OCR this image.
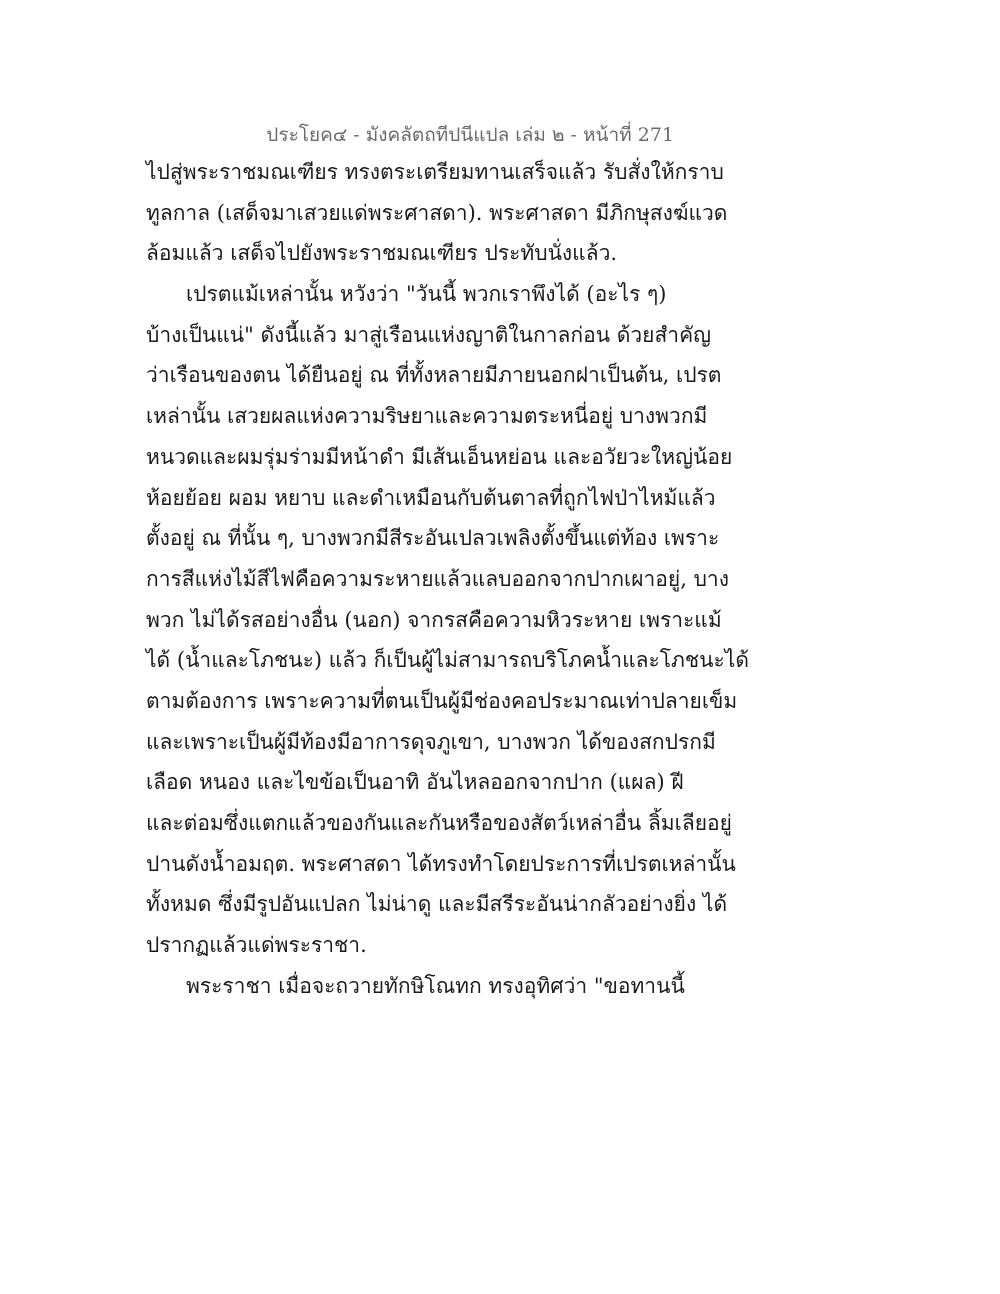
ประโยค๔ - มังคลัตถทีปนีแปล เล่ม ๒ - หน้าที่ 271
ไปสู่พระราชมณเฑียร ทรงตระเตรียมทานเสร็จแล้ว รับสั่งให้กราบ
ทูลกาล (เสด็จมาเสวยแด่พระศาสดา). พระศาสดา มีภิกษุสงฆ์แวด
ล้อมแล้ว เสด็จไปยังพระราชมณเฑียร ประทับนั่งแล้ว.
เปรตแม้เหล่านั้น หวังว่า "วันนี้ พวกเราพึงได้ (อะไร ๆ)
บ้างเป็นแน่" ดังนี้แล้ว มาสู่เรือนแห่งญาติในกาลก่อน ด้วยสำคัญ
ว่าเรือนของตน ได้ยืนอยู่ ณ ที่ทั้งหลายมีภายนอกฝาเป็นต้น, เปรต
เหล่านั้น เสวยผลแห่งความริษยาและความตระหนี่อยู่ บางพวกมี
หนวดและผมรุ่มร่ามมีหน้าดำ มีเส้นเอ็นหย่อน และอวัยวะใหญ่น้อย
ห้อยย้อย ผอม หยาบ และดำเหมือนกับต้นตาลที่ถูกไฟป่าไหม้แล้ว
ตั้งอยู่ ณ ที่นั้น ๆ, บางพวกมีสีระอันเปลวเพลิงตั้งขึ้นแต่ท้อง เพราะ
การสีแห่งไม้สีไฟคือความระหายแล้วแลบออกจากปากเผาอยู่, บาง
พวก ไม่ได้รสอย่างอื่น (นอก) จากรสคือความหิวระหาย เพราะแม้
ได้ (น้ำและโภชนะ) แล้ว ก็เป็นผู้ไม่สามารถบริโภคน้ำและโภชนะได้
ตามต้องการ เพราะความที่ตนเป็นผู้มีช่องคอประมาณเท่าปลายเข็ม
และเพราะเป็นผู้มีท้องมีอาการดุจภูเขา, บางพวก ได้ของสกปรกมี
เลือด หนอง และไขข้อเป็นอาทิ อันไหลออกจากปาก (แผล) ฝี
และต่อมซึ่งแตกแล้วของกันและกันหรือของสัตว์เหล่าอื่น ลิ้มเลียอยู่
ปานดังน้ำอมฤต. พระศาสดา ได้ทรงทำโดยประการที่เปรตเหล่านั้น
ทั้งหมด ซึ่งมีรูปอันแปลก ไม่น่าดู และมีสรีระอันน่ากลัวอย่างยิ่ง ได้
ปรากฏแล้วแด่พระราชา.
พระราชา เมื่อจะถวายทักษิโณทก ทรงอุทิศว่า "ขอทานนี้
